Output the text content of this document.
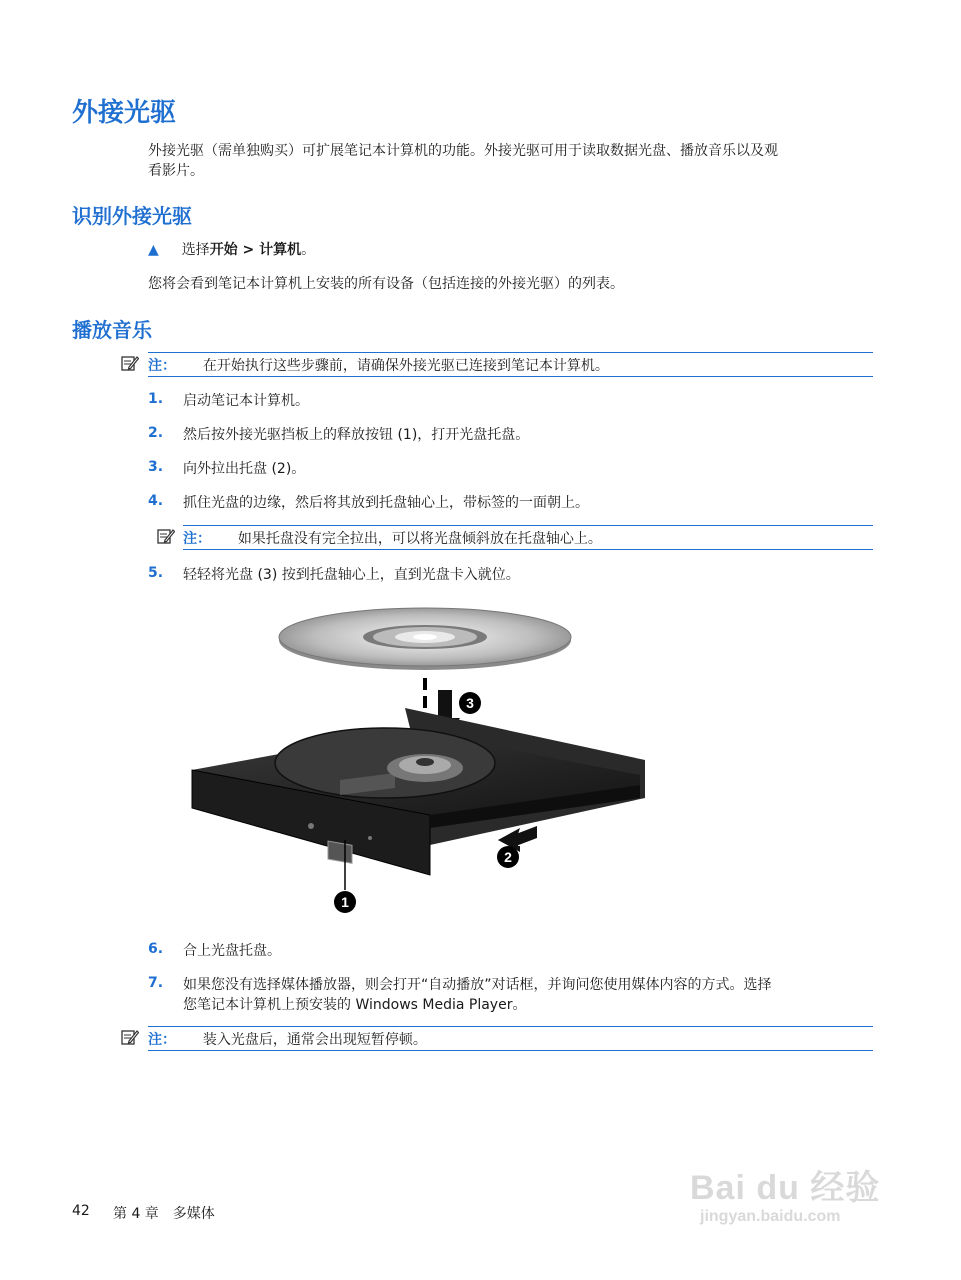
外接光驱
外接光驱（需单独购买）可扩展笔记本计算机的功能。外接光驱可用于读取数据光盘、播放音乐以及观
看影片。
识别外接光驱
▲ 选择开始 > 计算机。
您将会看到笔记本计算机上安装的所有设备（包括连接的外接光驱）的列表。
播放音乐
注： 在开始执行这些步骤前，请确保外接光驱已连接到笔记本计算机。
1.	启动笔记本计算机。
2.	然后按外接光驱挡板上的释放按钮 (1)，打开光盘托盘。
3.	向外拉出托盘 (2)。
4.	抓住光盘的边缘，然后将其放到托盘轴心上，带标签的一面朝上。
注： 如果托盘没有完全拉出，可以将光盘倾斜放在托盘轴心上。
5.	轻轻将光盘 (3) 按到托盘轴心上，直到光盘卡入就位。
3
2
1
6.	合上光盘托盘。
7.	如果您没有选择媒体播放器，则会打开“自动播放”对话框，并询问您使用媒体内容的方式。选择
您笔记本计算机上预安装的 Windows Media Player。
注： 装入光盘后，通常会出现短暂停顿。
42 第 4 章　多媒体
Bai du 经验
jingyan.baidu.com
